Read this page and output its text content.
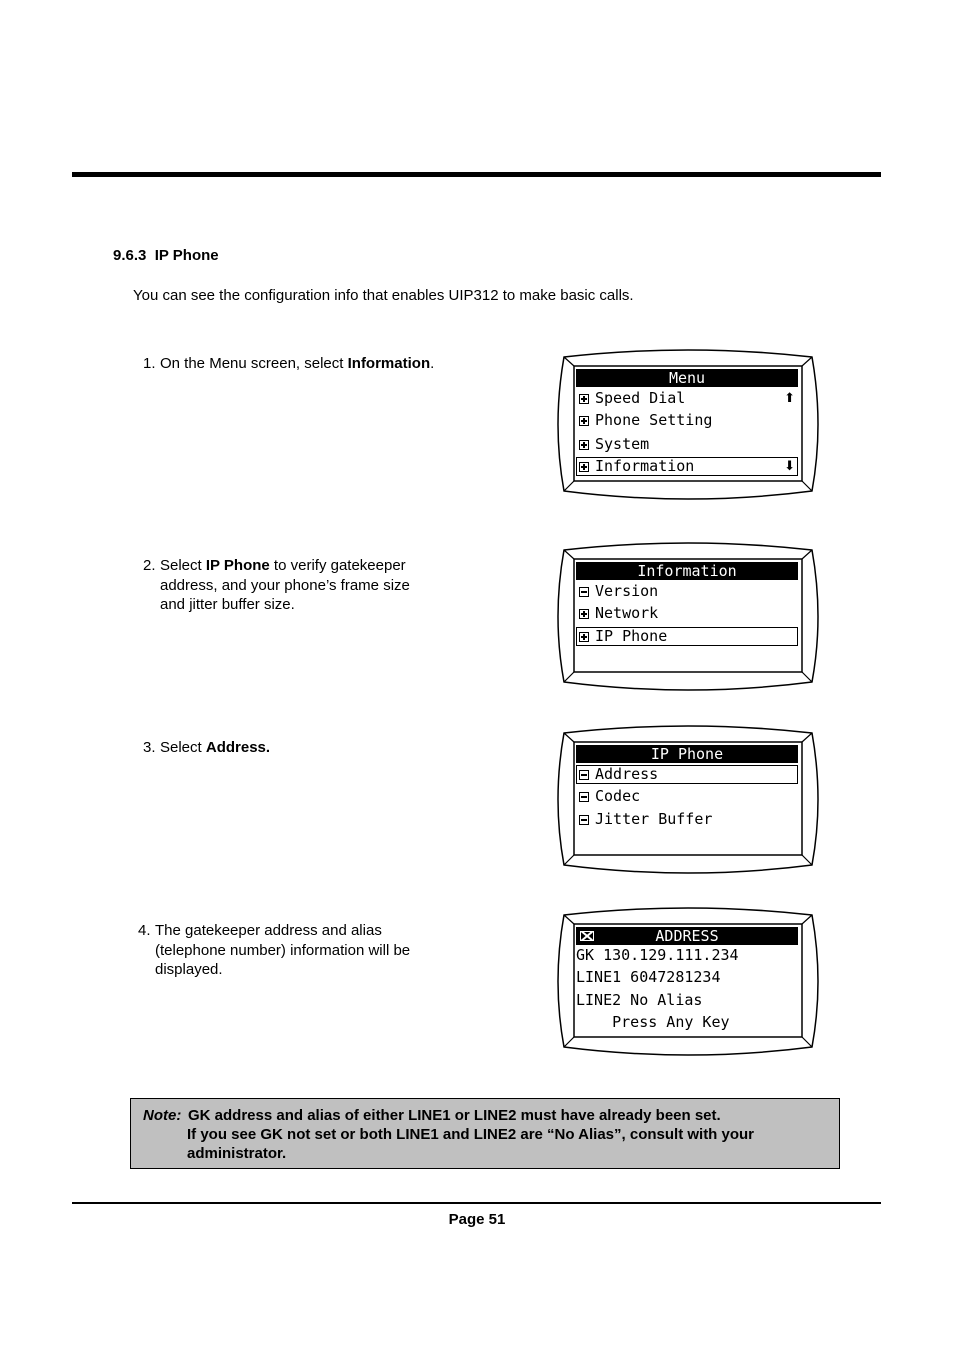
9.6.3 IP Phone
You can see the configuration info that enables UIP312 to make basic calls.
1. On the Menu screen, select Information.
2. Select IP Phone to verify gatekeeper address, and your phone’s frame size and jitter buffer size.
3. Select Address.
4. The gatekeeper address and alias (telephone number) information will be displayed.
Menu
Speed Dial	⬆
Phone Setting
System
Information	⬇
Information
Version
Network
IP Phone
IP Phone
Address
Codec
Jitter Buffer
ADDRESS
GK 130.129.111.234
LINE1 6047281234
LINE2 No Alias
Press Any Key
Note: GK address and alias of either LINE1 or LINE2 must have already been set.
If you see GK not set or both LINE1 and LINE2 are “No Alias”, consult with your
administrator.
Page 51
